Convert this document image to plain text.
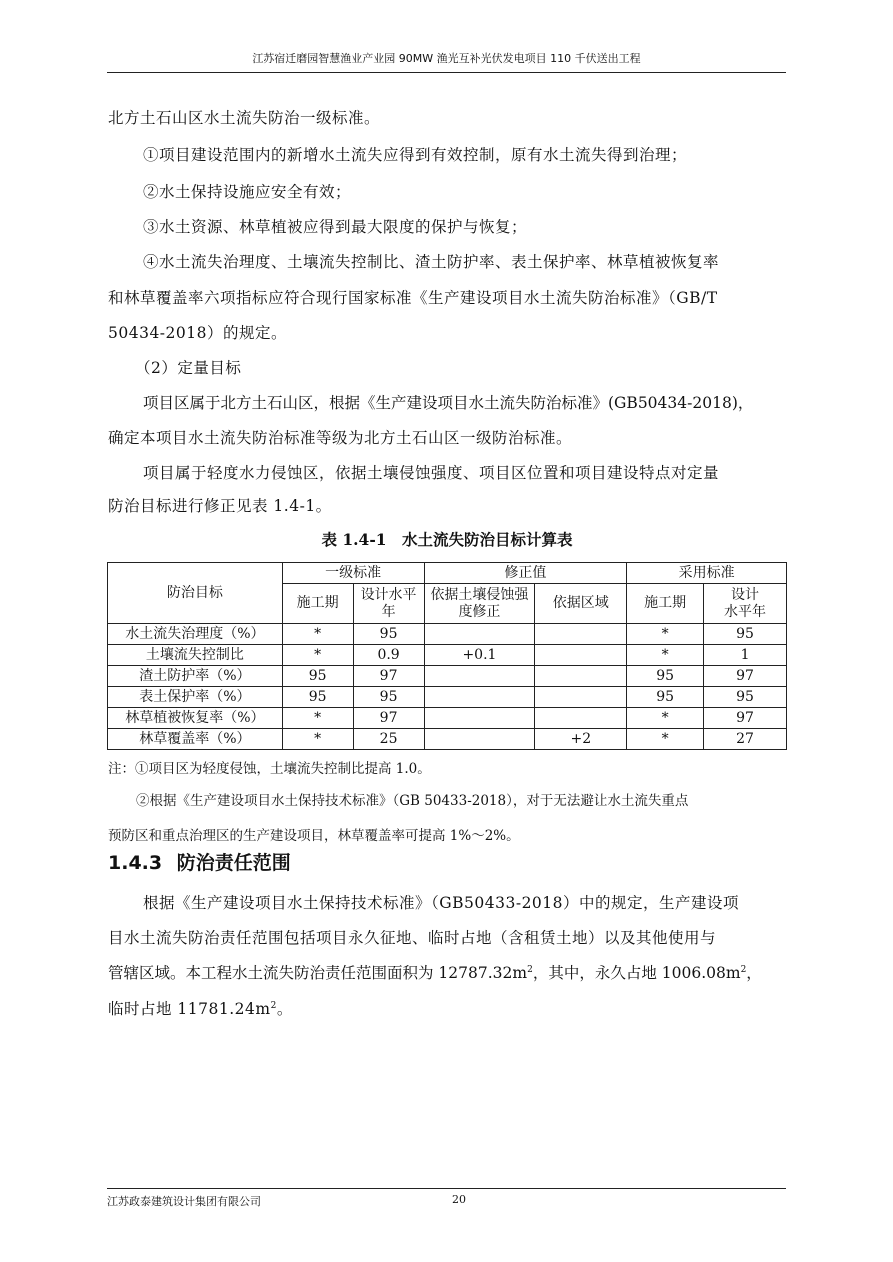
江苏宿迁磨园智慧渔业产业园 90MW 渔光互补光伏发电项目 110 千伏送出工程
北方土石山区水土流失防治一级标准。
①项目建设范围内的新增水土流失应得到有效控制，原有水土流失得到治理；
②水土保持设施应安全有效；
③水土资源、林草植被应得到最大限度的保护与恢复；
④水土流失治理度、土壤流失控制比、渣土防护率、表土保护率、林草植被恢复率
和林草覆盖率六项指标应符合现行国家标准《生产建设项目水土流失防治标准》（GB/T
50434-2018）的规定。
（2）定量目标
项目区属于北方土石山区，根据《生产建设项目水土流失防治标准》(GB50434-2018)，
确定本项目水土流失防治标准等级为北方土石山区一级防治标准。
项目属于轻度水力侵蚀区，依据土壤侵蚀强度、项目区位置和项目建设特点对定量
防治目标进行修正见表 1.4-1。
表 1.4-1　水土流失防治目标计算表
防治目标	一级标准		修正值		采用标准	
	施工期	设计水平年	依据土壤侵蚀强度修正	依据区域	施工期	设计
水平年

水土流失治理度（%）	*	95			*	95
土壤流失控制比	*	0.9	+0.1		*	1
渣土防护率（%）	95	97			95	97
表土保护率（%）	95	95			95	95
林草植被恢复率（%）	*	97			*	97
林草覆盖率（%）	*	25		+2	*	27
注：①项目区为轻度侵蚀，土壤流失控制比提高 1.0。
②根据《生产建设项目水土保持技术标准》（GB 50433-2018），对于无法避让水土流失重点
预防区和重点治理区的生产建设项目，林草覆盖率可提高 1%～2%。
1.4.3 防治责任范围
根据《生产建设项目水土保持技术标准》（GB50433-2018）中的规定，生产建设项
目水土流失防治责任范围包括项目永久征地、临时占地（含租赁土地）以及其他使用与
管辖区域。本工程水土流失防治责任范围面积为 $12787.32m^2$，其中，永久占地 $1006.08m^2$，
临时占地 $11781.24m^2$。
江苏政泰建筑设计集团有限公司	20
